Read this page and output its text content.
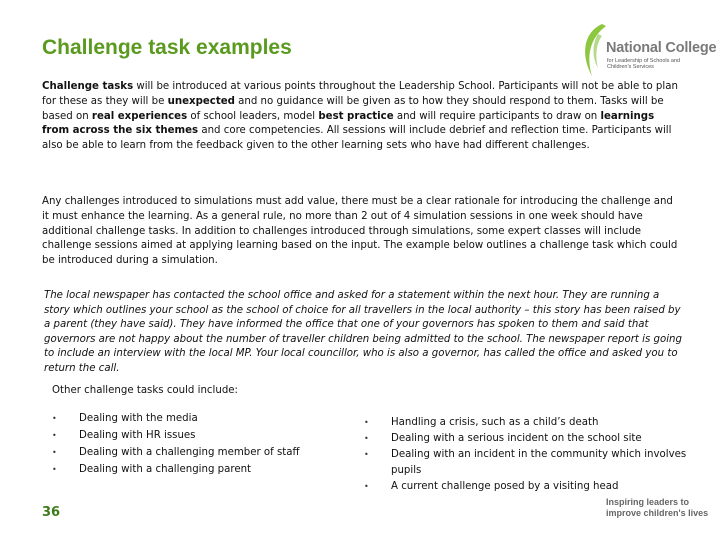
Challenge task examples	National College
for Leadership of Schools and Children's Services

Challenge tasks will be introduced at various points throughout the Leadership School. Participants will not be able to plan for these as they will be unexpected and no guidance will be given as to how they should respond to them. Tasks will be based on real experiences of school leaders, model best practice and will require participants to draw on learnings from across the six themes and core competencies. All sessions will include debrief and reflection time. Participants will also be able to learn from the feedback given to the other learning sets who have had different challenges.

Any challenges introduced to simulations must add value, there must be a clear rationale for introducing the challenge and it must enhance the learning. As a general rule, no more than 2 out of 4 simulation sessions in one week should have additional challenge tasks. In addition to challenges introduced through simulations, some expert classes will include challenge sessions aimed at applying learning based on the input. The example below outlines a challenge task which could be introduced during a simulation.

The local newspaper has contacted the school office and asked for a statement within the next hour. They are running a story which outlines your school as the school of choice for all travellers in the local authority – this story has been raised by a parent (they have said). They have informed the office that one of your governors has spoken to them and said that governors are not happy about the number of traveller children being admitted to the school. The newspaper report is going to include an interview with the local MP. Your local councillor, who is also a governor, has called the office and asked you to return the call.

Other challenge tasks could include:

• Dealing with the media
• Dealing with HR issues
• Dealing with a challenging member of staff
• Dealing with a challenging parent
• Handling a crisis, such as a child’s death
• Dealing with a serious incident on the school site
• Dealing with an incident in the community which involves pupils
• A current challenge posed by a visiting head

36

Inspiring leaders to improve children's lives
